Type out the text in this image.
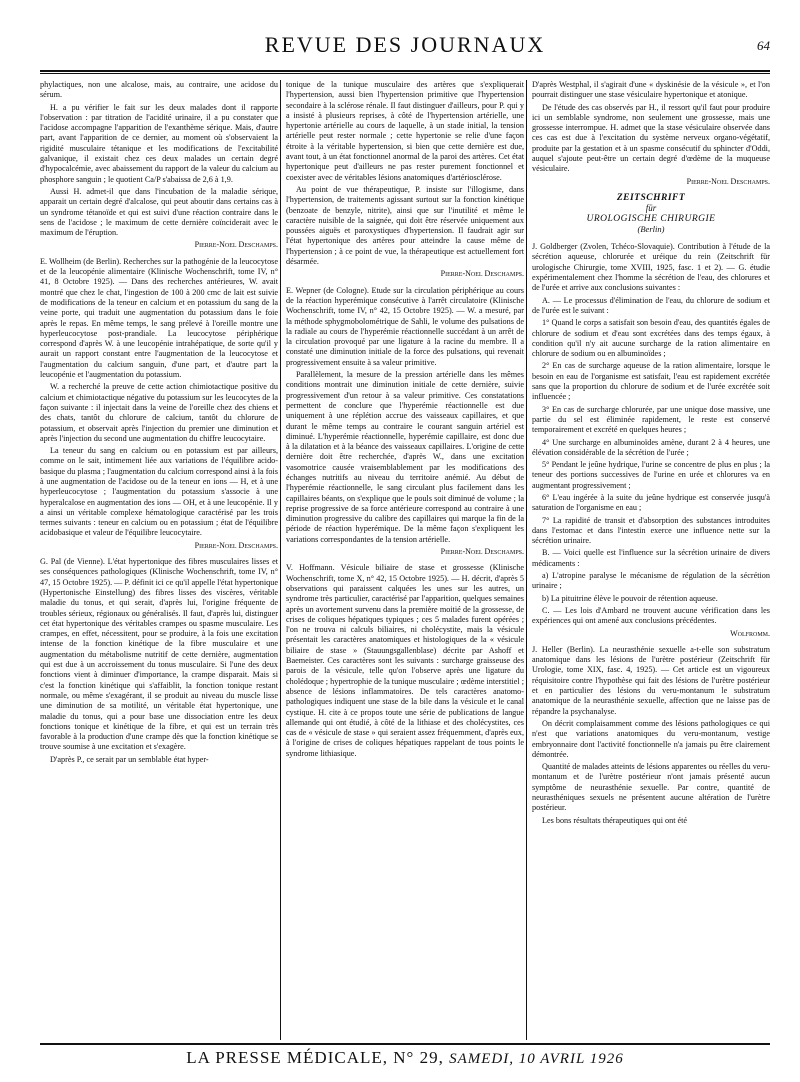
REVUE DES JOURNAUX	64

phylactiques, non une alcalose, mais, au contraire, une acidose du sérum.

H. a pu vérifier le fait sur les deux malades dont il rapporte l'observation : par titration de l'acidité urinaire, il a pu constater que l'acidose accompagne l'apparition de l'exanthème sérique. Mais, d'autre part, avant l'apparition de ce dernier, au moment où s'observaient la rigidité musculaire tétanique et les modifications de l'excitabilité galvanique, il existait chez ces deux malades un certain degré d'hypocalcémie, avec abaissement du rapport de la valeur du calcium au phosphore sanguin ; le quotient Ca/P s'abaissa de 2,6 à 1,9.

Aussi H. admet-il que dans l'incubation de la maladie sérique, apparait un certain degré d'alcalose, qui peut aboutir dans certains cas à un syndrome tétanoïde et qui est suivi d'une réaction contraire dans le sens de l'acidose ; le maximum de cette dernière coïnciderait avec le maximum de l'éruption.

Pierre-Noel Deschamps.

E. Wollheim (de Berlin). Recherches sur la pathogénie de la leucocytose et de la leucopénie alimentaire (Klinische Wochenschrift, tome IV, n° 41, 8 Octobre 1925). — Dans des recherches antérieures, W. avait montré que chez le chat, l'ingestion de 100 à 200 cmc de lait est suivie de modifications de la teneur en calcium et en potassium du sang de la veine porte, qui traduit une augmentation du potassium dans le foie après le repas. En même temps, le sang prélevé à l'oreille montre une hyperleucocytose post-prandiale. La leucocytose périphérique correspond d'après W. à une leucopénie intrahépatique, de sorte qu'il y aurait un rapport constant entre l'augmentation de la leucocytose et l'augmentation du calcium sanguin, d'une part, et d'autre part la leucopénie et l'augmentation du potassium.

W. a recherché la preuve de cette action chimiotactique positive du calcium et chimiotactique négative du potassium sur les leucocytes de la façon suivante : il injectait dans la veine de l'oreille chez des chiens et des chats, tantôt du chlorure de calcium, tantôt du chlorure de potassium, et observait après l'injection du premier une diminution et après l'injection du second une augmentation du chiffre leucocytaire.

La teneur du sang en calcium ou en potassium est par ailleurs, comme on le sait, intimement liée aux variations de l'équilibre acido-basique du plasma ; l'augmentation du calcium correspond ainsi à la fois à une augmentation de l'acidose ou de la teneur en ions — H, et à une hyperleucocytose ; l'augmentation du potassium s'associe à une hyperalcalose en augmentation des ions — OH, et à une leucopénie. Il y a ainsi un véritable complexe hématologique caractérisé par les trois termes suivants : teneur en calcium ou en potassium ; état de l'équilibre acidobasique et valeur de l'équilibre leucocytaire.

Pierre-Noel Deschamps.

G. Pal (de Vienne). L'état hypertonique des fibres musculaires lisses et ses conséquences pathologiques (Klinische Wochenschrift, tome IV, n° 47, 15 Octobre 1925). — P. définit ici ce qu'il appelle l'état hypertonique (Hypertonische Einstellung) des fibres lisses des viscères, véritable maladie du tonus, et qui serait, d'après lui, l'origine fréquente de troubles sérieux, régionaux ou généralisés. Il faut, d'après lui, distinguer cet état hypertonique des véritables crampes ou spasme musculaire. Les crampes, en effet, nécessitent, pour se produire, à la fois une excitation intense de la fonction kinétique de la fibre musculaire et une augmentation du métabolisme nutritif de cette dernière, augmentation qui est due à un accroissement du tonus musculaire. Si l'une des deux fonctions vient à diminuer d'importance, la crampe disparait. Mais si c'est la fonction kinétique qui s'affaiblit, la fonction tonique restant normale, ou même s'exagérant, il se produit au niveau du muscle lisse une diminution de sa motilité, un véritable état hypertonique, une maladie du tonus, qui a pour base une dissociation entre les deux fonctions tonique et kinétique de la fibre, et qui est un terrain très favorable à la production d'une crampe dès que la fonction kinétique se trouve soumise à une excitation et s'exagère.

D'après P., ce serait par un semblable état hyper-

tonique de la tunique musculaire des artères que s'expliquerait l'hypertension, aussi bien l'hypertension primitive que l'hypertension secondaire à la sclérose rénale. Il faut distinguer d'ailleurs, pour P. qui y a insisté à plusieurs reprises, à côté de l'hypertension artérielle, une hypertonie artérielle au cours de laquelle, à un stade initial, la tension artérielle peut rester normale ; cette hypertonie se relie d'une façon étroite à la véritable hypertension, si bien que cette dernière est due, avant tout, à un état fonctionnel anormal de la paroi des artères. Cet état hypertonique peut d'ailleurs ne pas rester purement fonctionnel et coexister avec de véritables lésions anatomiques d'artériosclérose.

Au point de vue thérapeutique, P. insiste sur l'illogisme, dans l'hypertension, de traitements agissant surtout sur la fonction kinétique (benzoate de benzyle, nitrite), ainsi que sur l'inutilité et même le caractère nuisible de la saignée, qui doit être réservée uniquement aux poussées aiguës et paroxystiques d'hypertension. Il faudrait agir sur l'état hypertonique des artères pour atteindre la cause même de l'hypertension ; à ce point de vue, la thérapeutique est actuellement fort désarmée.

Pierre-Noel Deschamps.

E. Wepner (de Cologne). Etude sur la circulation périphérique au cours de la réaction hyperémique consécutive à l'arrêt circulatoire (Klinische Wochenschrift, tome IV, n° 42, 15 Octobre 1925). — W. a mesuré, par la méthode sphygmobolométrique de Sahli, le volume des pulsations de la radiale au cours de l'hyperémie réactionnelle succédant à un arrêt de la circulation provoqué par une ligature à la racine du membre. Il a constaté une diminution initiale de la force des pulsations, qui revenait progressivement ensuite à sa valeur primitive.

Parallèlement, la mesure de la pression artérielle dans les mêmes conditions montrait une diminution initiale de cette dernière, suivie progressivement d'un retour à sa valeur primitive. Ces constatations permettent de conclure que l'hyperémie réactionnelle est due uniquement à une réplétion accrue des vaisseaux capillaires, et que durant le même temps au contraire le courant sanguin artériel est diminué. L'hyperémie réactionnelle, hyperémie capillaire, est donc due à la dilatation et à la béance des vaisseaux capillaires. L'origine de cette dernière doit être recherchée, d'après W., dans une excitation vasomotrice causée vraisemblablement par les modifications des échanges nutritifs au niveau du territoire anémié. Au début de l'hyperémie réactionnelle, le sang circulant plus facilement dans les capillaires béants, on s'explique que le pouls soit diminué de volume ; la reprise progressive de sa force antérieure correspond au contraire à une diminution progressive du calibre des capillaires qui marque la fin de la période de réaction hyperémique. De la même façon s'expliquent les variations correspondantes de la tension artérielle.

Pierre-Noel Deschamps.

V. Hoffmann. Vésicule biliaire de stase et grossesse (Klinische Wochenschrift, tome X, n° 42, 15 Octobre 1925). — H. décrit, d'après 5 observations qui paraissent calquées les unes sur les autres, un syndrome très particulier, caractérisé par l'apparition, quelques semaines après un avortement survenu dans la première moitié de la grossesse, de crises de coliques hépatiques typiques ; ces 5 malades furent opérées ; l'on ne trouva ni calculs biliaires, ni cholécystite, mais la vésicule présentait les caractères anatomiques et histologiques de la « vésicule biliaire de stase » (Stauungsgallenblase) décrite par Ashoff et Baemeister. Ces caractères sont les suivants : surcharge graisseuse des parois de la vésicule, telle qu'on l'observe après une ligature du cholédoque ; hypertrophie de la tunique musculaire ; œdème interstitiel ; absence de lésions inflammatoires. De tels caractères anatomo-pathologiques indiquent une stase de la bile dans la vésicule et le canal cystique. H. cite à ce propos toute une série de publications de langue allemande qui ont étudié, à côté de la lithiase et des cholécystites, ces cas de « vésicule de stase » qui seraient assez fréquemment, d'après eux, à l'origine de crises de coliques hépatiques rappelant de tous points le syndrome lithiasique.

D'après Westphal, il s'agirait d'une « dyskinésie de la vésicule », et l'on pourrait distinguer une stase vésiculaire hypertonique et atonique.

De l'étude des cas observés par H., il ressort qu'il faut pour produire ici un semblable syndrome, non seulement une grossesse, mais une grossesse interrompue. H. admet que la stase vésiculaire observée dans ces cas est due à l'excitation du système nerveux organo-végétatif, produite par la gestation et à un spasme consécutif du sphincter d'Oddi, auquel s'ajoute peut-être un certain degré d'œdème de la muqueuse vésiculaire.

Pierre-Noel Deschamps.
ZEITSCHRIFT
für
UROLOGISCHE CHIRURGIE
(Berlin)

J. Goldberger (Zvolen, Tchéco-Slovaquie). Contribution à l'étude de la sécrétion aqueuse, chlorurée et uréique du rein (Zeitschrift für urologische Chirurgie, tome XVIII, 1925, fasc. 1 et 2). — G. étudie expérimentalement chez l'homme la sécrétion de l'eau, des chlorures et de l'urée et arrive aux conclusions suivantes :

A. — Le processus d'élimination de l'eau, du chlorure de sodium et de l'urée est le suivant :

1° Quand le corps a satisfait son besoin d'eau, des quantités égales de chlorure de sodium et d'eau sont excrétées dans des temps égaux, à condition qu'il n'y ait aucune surcharge de la ration alimentaire en chlorure de sodium ou en albuminoïdes ;

2° En cas de surcharge aqueuse de la ration alimentaire, lorsque le besoin en eau de l'organisme est satisfait, l'eau est rapidement excrétée sans que la proportion du chlorure de sodium et de l'urée excrétée soit influencée ;

3° En cas de surcharge chlorurée, par une unique dose massive, une partie du sel est éliminée rapidement, le reste est conservé temporairement et excrété en quelques heures ;

4° Une surcharge en albuminoïdes amène, durant 2 à 4 heures, une élévation considérable de la sécrétion de l'urée ;

5° Pendant le jeûne hydrique, l'urine se concentre de plus en plus ; la teneur des portions successives de l'urine en urée et chlorures va en augmentant progressivement ;

6° L'eau ingérée à la suite du jeûne hydrique est conservée jusqu'à saturation de l'organisme en eau ;

7° La rapidité de transit et d'absorption des substances introduites dans l'estomac et dans l'intestin exerce une influence nette sur la sécrétion urinaire.

B. — Voici quelle est l'influence sur la sécrétion urinaire de divers médicaments :

a) L'atropine paralyse le mécanisme de régulation de la sécrétion urinaire ;

b) La pituitrine élève le pouvoir de rétention aqueuse.

C. — Les lois d'Ambard ne trouvent aucune vérification dans les expériences qui ont amené aux conclusions précédentes.

Wolfromm.

J. Heller (Berlin). La neurasthénie sexuelle a-t-elle son substratum anatomique dans les lésions de l'urètre postérieur (Zeitschrift für Urologie, tome XIX, fasc. 4, 1925). — Cet article est un vigoureux réquisitoire contre l'hypothèse qui fait des lésions de l'urètre postérieur et en particulier des lésions du veru-montanum le substratum anatomique de la neurasthénie sexuelle, affection que ne laisse pas de répandre la psychanalyse.

On décrit complaisamment comme des lésions pathologiques ce qui n'est que variations anatomiques du veru-montanum, vestige embryonnaire dont l'activité fonctionnelle n'a jamais pu être clairement démontrée.

Quantité de malades atteints de lésions apparentes ou réelles du veru-montanum et de l'urètre postérieur n'ont jamais présenté aucun symptôme de neurasthénie sexuelle. Par contre, quantité de neurasthéniques sexuels ne présentent aucune altération de l'urètre postérieur.

Les bons résultats thérapeutiques qui ont été

LA PRESSE MÉDICALE, N° 29, SAMEDI, 10 AVRIL 1926
